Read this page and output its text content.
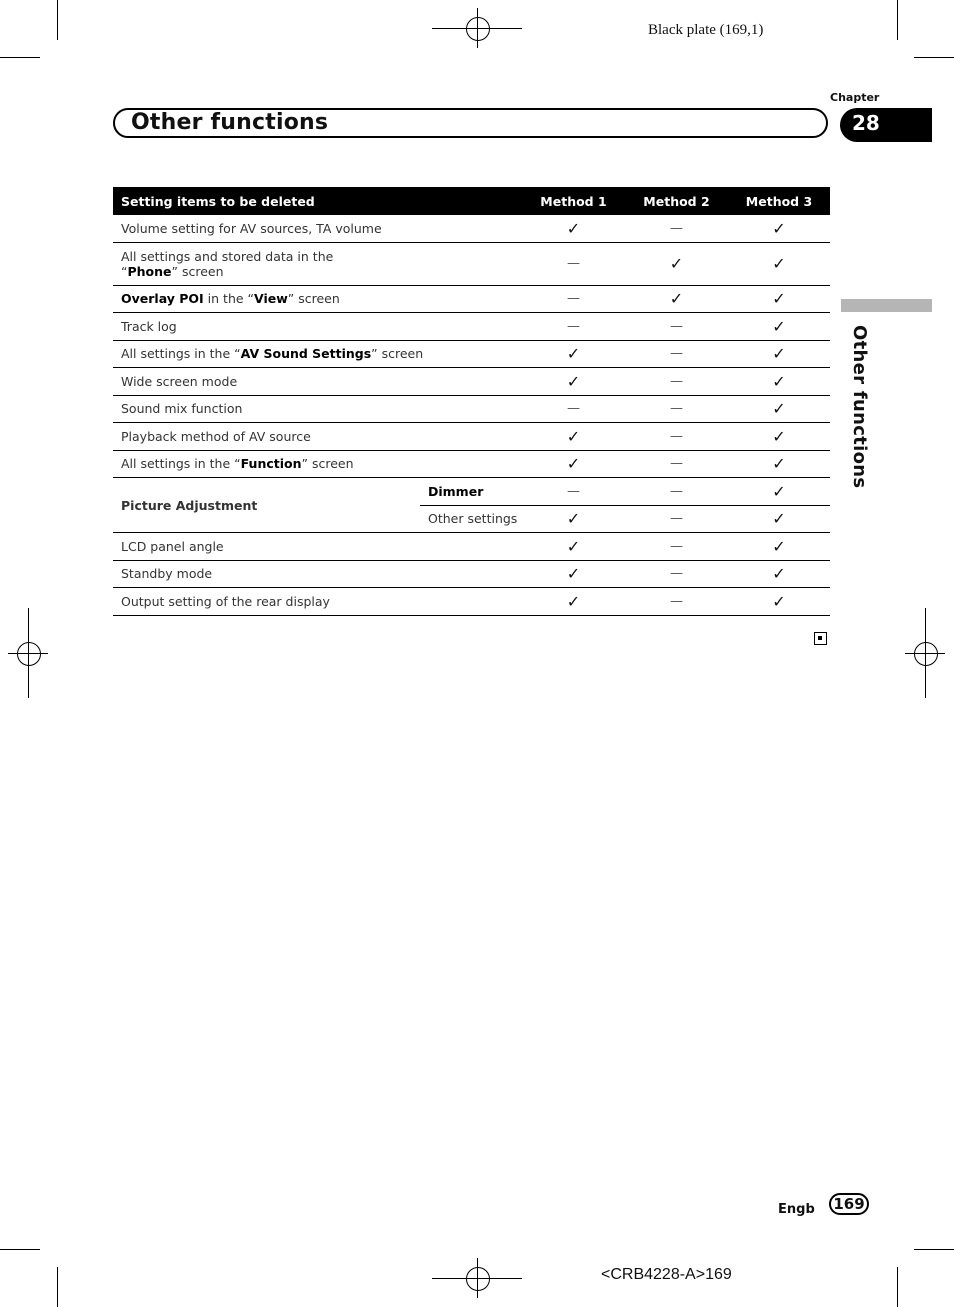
Black plate (169,1)
Other functions
Chapter
28
Other functions
Setting items to be deleted		Method 1	Method 2	Method 3
Volume setting for AV sources, TA volume		✓	—	✓

All settings and stored data in the “Phone” screen		—	✓	✓
Overlay POI in the “View” screen		—	✓	✓
Track log		—	—	✓
All settings in the “AV Sound Settings” screen		✓	—	✓
Wide screen mode		✓	—	✓
Sound mix function		—	—	✓
Playback method of AV source		✓	—	✓
All settings in the “Function” screen		✓	—	✓
Picture Adjustment	Dimmer	—	—	✓
	Other settings	✓	—	✓
LCD panel angle		✓	—	✓
Standby mode		✓	—	✓
Output setting of the rear display		✓	—	✓
Engb 169
<CRB4228-A>169
